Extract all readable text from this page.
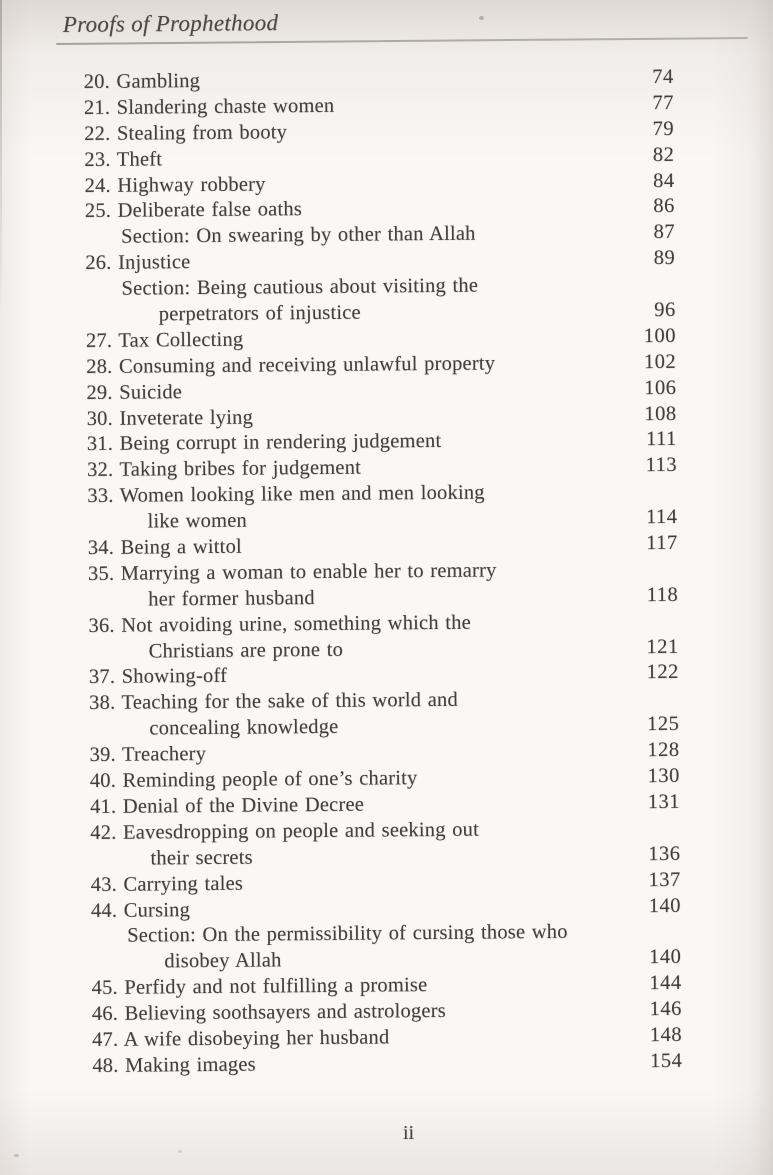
Proofs of Prophethood
20. Gambling	74
21. Slandering chaste women	77
22. Stealing from booty	79
23. Theft	82
24. Highway robbery	84
25. Deliberate false oaths	86
Section: On swearing by other than Allah	87
26. Injustice	89
Section: Being cautious about visiting the
perpetrators of injustice	96
27. Tax Collecting	100
28. Consuming and receiving unlawful property	102
29. Suicide	106
30. Inveterate lying	108
31. Being corrupt in rendering judgement	111
32. Taking bribes for judgement	113
33. Women looking like men and men looking
like women	114
34. Being a wittol	117
35. Marrying a woman to enable her to remarry
her former husband	118
36. Not avoiding urine, something which the
Christians are prone to	121
37. Showing-off	122
38. Teaching for the sake of this world and
concealing knowledge	125
39. Treachery	128
40. Reminding people of one’s charity	130
41. Denial of the Divine Decree	131
42. Eavesdropping on people and seeking out
their secrets	136
43. Carrying tales	137
44. Cursing	140
Section: On the permissibility of cursing those who
disobey Allah	140
45. Perfidy and not fulfilling a promise	144
46. Believing soothsayers and astrologers	146
47. A wife disobeying her husband	148
48. Making images	154
ii
